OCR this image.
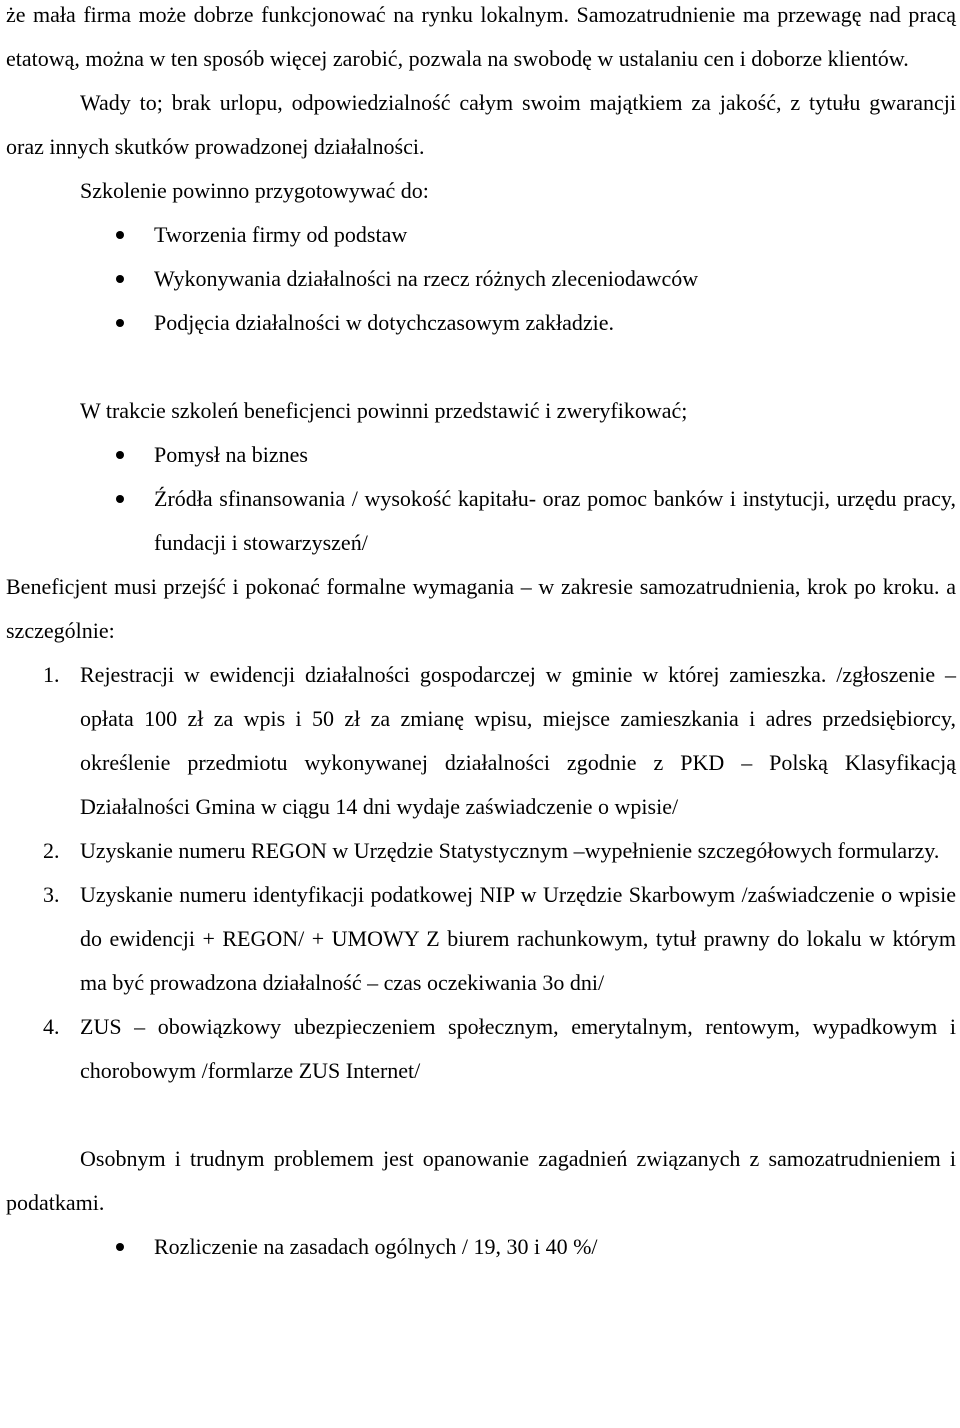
że mała firma może dobrze funkcjonować na rynku lokalnym. Samozatrudnienie ma przewagę nad pracą etatową, można w ten sposób więcej zarobić, pozwala na swobodę w ustalaniu cen i doborze klientów.

Wady to; brak urlopu, odpowiedzialność całym swoim majątkiem za jakość, z tytułu gwarancji oraz innych skutków prowadzonej działalności.

Szkolenie powinno przygotowywać do:

Tworzenia firmy od podstaw
Wykonywania działalności na rzecz różnych zleceniodawców
Podjęcia działalności w dotychczasowym zakładzie.

W trakcie szkoleń beneficjenci powinni przedstawić i zweryfikować;

Pomysł na biznes
Źródła sfinansowania / wysokość kapitału- oraz pomoc banków i instytucji, urzędu pracy, fundacji i stowarzyszeń/

Beneficjent musi przejść i pokonać formalne wymagania – w zakresie samozatrudnienia, krok po kroku. a szczególnie:

1. Rejestracji w ewidencji działalności gospodarczej w gminie w której zamieszka. /zgłoszenie – opłata 100 zł za wpis i 50 zł za zmianę wpisu, miejsce zamieszkania i adres przedsiębiorcy, określenie przedmiotu wykonywanej działalności zgodnie z PKD – Polską Klasyfikacją Działalności Gmina w ciągu 14 dni wydaje zaświadczenie o wpisie/
2. Uzyskanie numeru REGON w Urzędzie Statystycznym –wypełnienie szczegółowych formularzy.
3. Uzyskanie numeru identyfikacji podatkowej NIP w Urzędzie Skarbowym /zaświadczenie o wpisie do ewidencji + REGON/ + UMOWY Z biurem rachunkowym, tytuł prawny do lokalu w którym ma być prowadzona działalność – czas oczekiwania 3o dni/
4. ZUS – obowiązkowy ubezpieczeniem społecznym, emerytalnym, rentowym, wypadkowym i chorobowym /formlarze ZUS Internet/

Osobnym i trudnym problemem jest opanowanie zagadnień związanych z samozatrudnieniem i podatkami.

Rozliczenie na zasadach ogólnych / 19, 30 i 40 %/
